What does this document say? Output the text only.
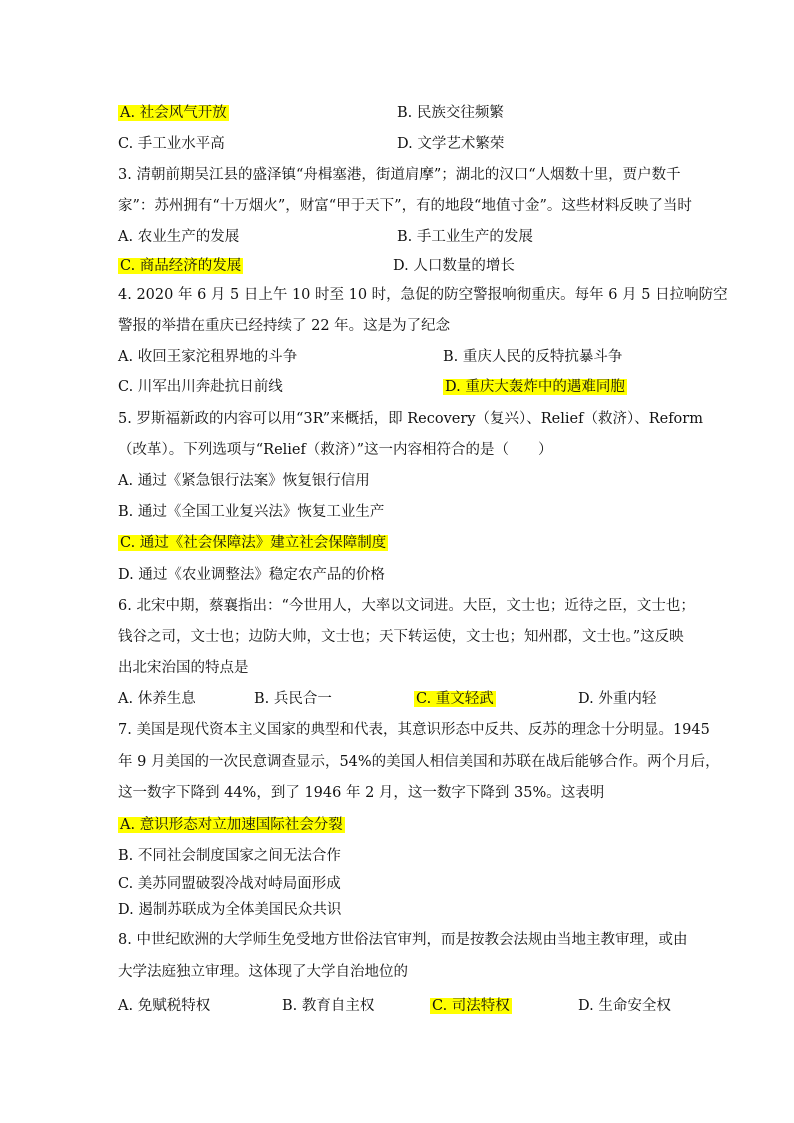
A. 社会风气开放	B. 民族交往频繁
C. 手工业水平高	D. 文学艺术繁荣
3. 清朝前期吴江县的盛泽镇“舟楫塞港，街道肩摩”；湖北的汉口“人烟数十里，贾户数千
家”：苏州拥有“十万烟火”，财富“甲于天下”，有的地段“地值寸金”。这些材料反映了当时
A. 农业生产的发展	B. 手工业生产的发展
C. 商品经济的发展	D. 人口数量的增长
4. 2020 年 6 月 5 日上午 10 时至 10 时，急促的防空警报响彻重庆。每年 6 月 5 日拉响防空
警报的举措在重庆已经持续了 22 年。这是为了纪念
A. 收回王家沱租界地的斗争	B. 重庆人民的反特抗暴斗争
C. 川军出川奔赴抗日前线	D. 重庆大轰炸中的遇难同胞
5. 罗斯福新政的内容可以用“3R”来概括，即 Recovery（复兴）、Relief（救济）、Reform
（改革）。下列选项与“Relief（救济）”这一内容相符合的是（　　）
A. 通过《紧急银行法案》恢复银行信用
B. 通过《全国工业复兴法》恢复工业生产
C. 通过《社会保障法》建立社会保障制度
D. 通过《农业调整法》稳定农产品的价格
6. 北宋中期，蔡襄指出：“今世用人，大率以文词进。大臣，文士也；近待之臣，文士也；
钱谷之司，文士也；边防大帅，文士也；天下转运使，文士也；知州郡，文士也。”这反映
出北宋治国的特点是
A. 休养生息	B. 兵民合一	C. 重文轻武	D. 外重内轻
7. 美国是现代资本主义国家的典型和代表，其意识形态中反共、反苏的理念十分明显。1945
年 9 月美国的一次民意调查显示，54%的美国人相信美国和苏联在战后能够合作。两个月后，
这一数字下降到 44%，到了 1946 年 2 月，这一数字下降到 35%。这表明
A. 意识形态对立加速国际社会分裂
B. 不同社会制度国家之间无法合作
C. 美苏同盟破裂冷战对峙局面形成
D. 遏制苏联成为全体美国民众共识
8. 中世纪欧洲的大学师生免受地方世俗法官审判，而是按教会法规由当地主教审理，或由
大学法庭独立审理。这体现了大学自治地位的
A. 免赋税特权	B. 教育自主权	C. 司法特权	D. 生命安全权
